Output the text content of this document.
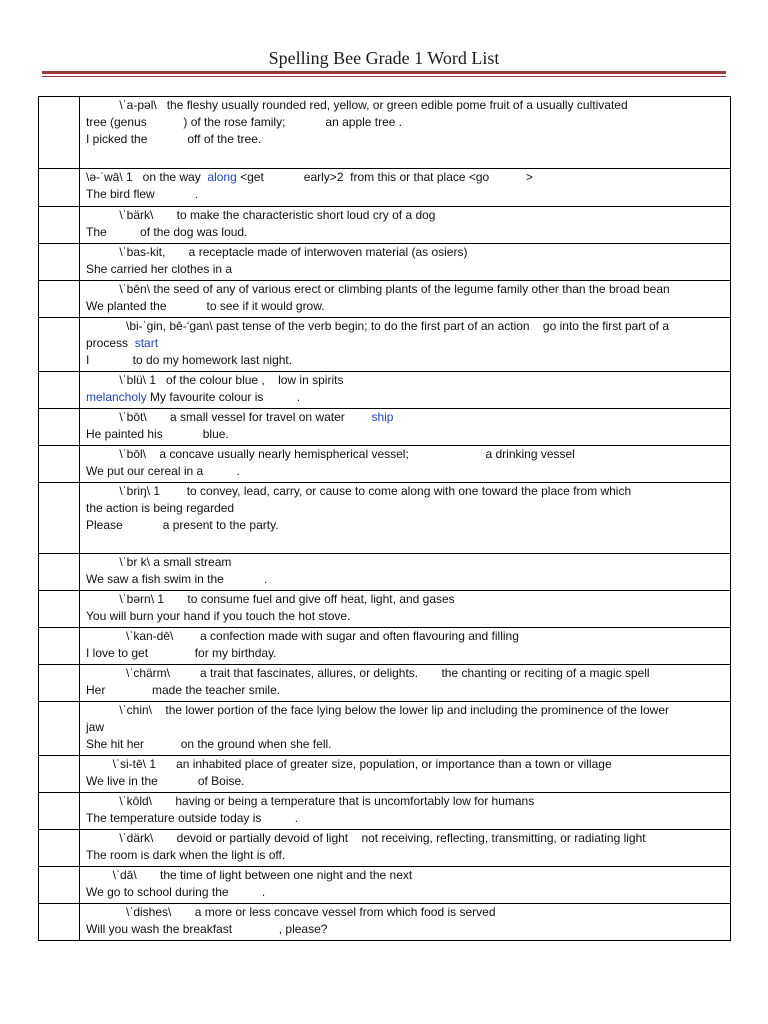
Spelling Bee Grade 1 Word List
\ˈa-pəl\   the fleshy usually rounded red, yellow, or green edible pome fruit of a usually cultivated
tree (genus           ) of the rose family;            an apple tree .
I picked the            off of the tree.
\ə-ˈwā\ 1   on the way  along <get            early>2  from this or that place <go           >
The bird flew            .
\ˈbärk\       to make the characteristic short loud cry of a dog
The          of the dog was loud.
\ˈbas-kit,       a receptacle made of interwoven material (as osiers)
She carried her clothes in a
\ˈbēn\ the seed of any of various erect or climbing plants of the legume family other than the broad bean
We planted the            to see if it would grow.
\bi-ˈgin, bē-‘gan\ past tense of the verb begin; to do the first part of an action    go into the first part of a
process  start
I             to do my homework last night.
\ˈblü\ 1   of the colour blue ,    low in spirits
melancholy My favourite colour is          .
\ˈbōt\       a small vessel for travel on water        ship
He painted his            blue.
\ˈbōl\    a concave usually nearly hemispherical vessel;                       a drinking vessel
We put our cereal in a          .
\ˈbriŋ\ 1        to convey, lead, carry, or cause to come along with one toward the place from which
the action is being regarded
Please            a present to the party.
\ˈbr k\ a small stream
We saw a fish swim in the            .
\ˈbərn\ 1       to consume fuel and give off heat, light, and gases
You will burn your hand if you touch the hot stove.
\ˈkan-dē\        a confection made with sugar and often flavouring and filling
I love to get              for my birthday.
\ˈchärm\         a trait that fascinates, allures, or delights.       the chanting or reciting of a magic spell
Her              made the teacher smile.
\ˈchin\    the lower portion of the face lying below the lower lip and including the prominence of the lower
jaw
She hit her           on the ground when she fell.
\ˈsi-tē\ 1      an inhabited place of greater size, population, or importance than a town or village
We live in the            of Boise.
\ˈkōld\       having or being a temperature that is uncomfortably low for humans
The temperature outside today is          .
\ˈdärk\       devoid or partially devoid of light    not receiving, reflecting, transmitting, or radiating light
The room is dark when the light is off.
\ˈdā\       the time of light between one night and the next
We go to school during the          .
\ˈdishes\       a more or less concave vessel from which food is served
Will you wash the breakfast              , please?
